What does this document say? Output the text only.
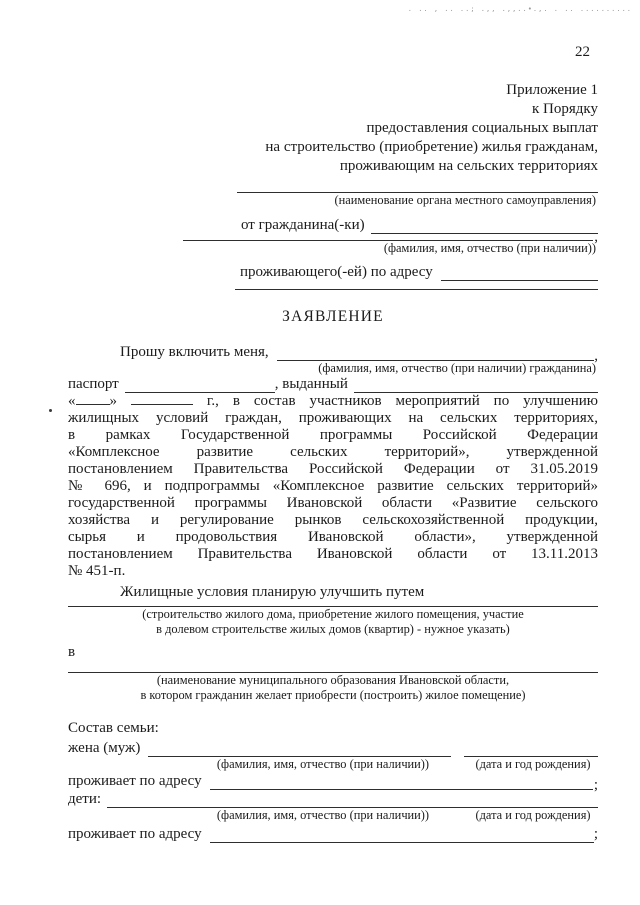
. .. , .. ..; .,, .,,..•.,. . .. ..........
22
Приложение 1
к Порядку
предоставления социальных выплат
на строительство (приобретение) жилья гражданам,
проживающим на сельских территориях
(наименование органа местного самоуправления)
от гражданина(-ки)
,
(фамилия, имя, отчество (при наличии))
проживающего(-ей) по адресу
ЗАЯВЛЕНИЕ
Прошу включить меня,	,
(фамилия, имя, отчество (при наличии) гражданина)
паспорт	, выданный
« »	г., в состав участников мероприятий по улучшению
жилищных условий граждан, проживающих на сельских территориях,
в рамках Государственной программы Российской Федерации
«Комплексное развитие сельских территорий», утвержденной
постановлением Правительства Российской Федерации от 31.05.2019
№ 696, и подпрограммы «Комплексное развитие сельских территорий»
государственной программы Ивановской области «Развитие сельского
хозяйства и регулирование рынков сельскохозяйственной продукции,
сырья и продовольствия Ивановской области», утвержденной
постановлением Правительства Ивановской области от 13.11.2013
№ 451-п.
Жилищные условия планирую улучшить путем
(строительство жилого дома, приобретение жилого помещения, участие
в долевом строительстве жилых домов (квартир) - нужное указать)
в
(наименование муниципального образования Ивановской области,
в котором гражданин желает приобрести (построить) жилое помещение)
Состав семьи:
жена (муж)
(фамилия, имя, отчество (при наличии))	(дата и год рождения)
проживает по адресу	;
дети:
(фамилия, имя, отчество (при наличии))	(дата и год рождения)
проживает по адресу	;
